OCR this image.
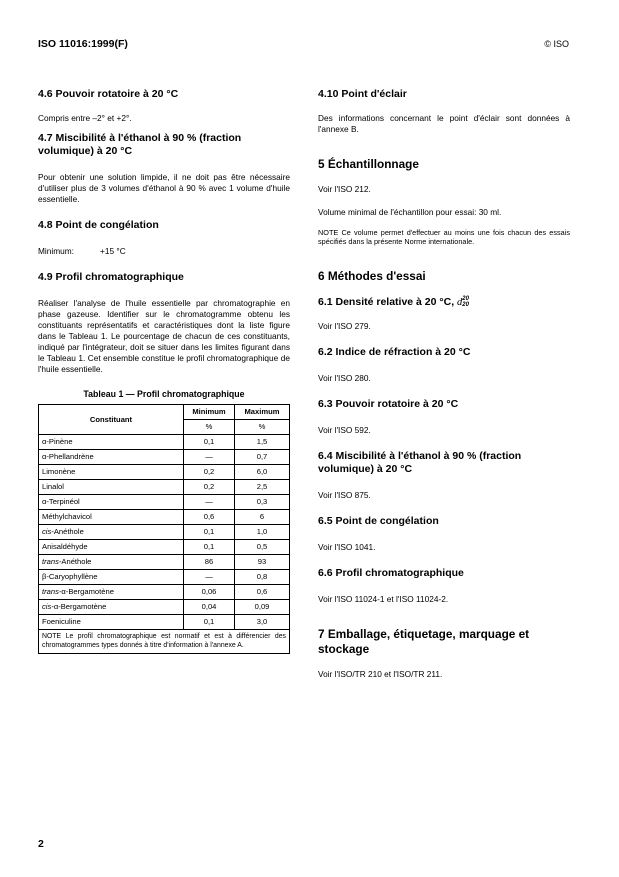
ISO 11016:1999(F)	© ISO

4.6 Pouvoir rotatoire à 20 °C

Compris entre –2° et +2°.

4.7 Miscibilité à l'éthanol à 90 % (fraction volumique) à 20 °C

Pour obtenir une solution limpide, il ne doit pas être nécessaire d'utiliser plus de 3 volumes d'éthanol à 90 % avec 1 volume d'huile essentielle.

4.8 Point de congélation

Minimum:	+15 °C

4.9 Profil chromatographique

Réaliser l'analyse de l'huile essentielle par chromatographie en phase gazeuse. Identifier sur le chromatogramme obtenu les constituants représentatifs et caractéristiques dont la liste figure dans le Tableau 1. Le pourcentage de chacun de ces constituants, indiqué par l'intégrateur, doit se situer dans les limites figurant dans le Tableau 1. Cet ensemble constitue le profil chromatographique de l'huile essentielle.

Tableau 1 — Profil chromatographique

Constituant	Minimum	Maximum
	%	%
α-Pinène	0,1	1,5
α-Phellandrène	—	0,7
Limonène	0,2	6,0
Linalol	0,2	2,5
α-Terpinéol	—	0,3
Méthylchavicol	0,6	6
cis-Anéthole	0,1	1,0
Anisaldéhyde	0,1	0,5
trans-Anéthole	86	93
β-Caryophyllène	—	0,8
trans-α-Bergamotène	0,06	0,6
cis-α-Bergamotène	0,04	0,09
Foeniculine	0,1	3,0
NOTE Le profil chromatographique est normatif et est à différencier des chromatogrammes types donnés à titre d'information à l'annexe A.

4.10 Point d'éclair

Des informations concernant le point d'éclair sont données à l'annexe B.

5 Échantillonnage

Voir l'ISO 212.

Volume minimal de l'échantillon pour essai: 30 ml.

NOTE Ce volume permet d'effectuer au moins une fois chacun des essais spécifiés dans la présente Norme internationale.

6 Méthodes d'essai

6.1 Densité relative à 20 °C, d 20
20

Voir l'ISO 279.

6.2 Indice de réfraction à 20 °C

Voir l'ISO 280.

6.3 Pouvoir rotatoire à 20 °C

Voir l'ISO 592.

6.4 Miscibilité à l'éthanol à 90 % (fraction volumique) à 20 °C

Voir l'ISO 875.

6.5 Point de congélation

Voir l'ISO 1041.

6.6 Profil chromatographique

Voir l'ISO 11024-1 et l'ISO 11024-2.

7 Emballage, étiquetage, marquage et stockage

Voir l'ISO/TR 210 et l'ISO/TR 211.

2
